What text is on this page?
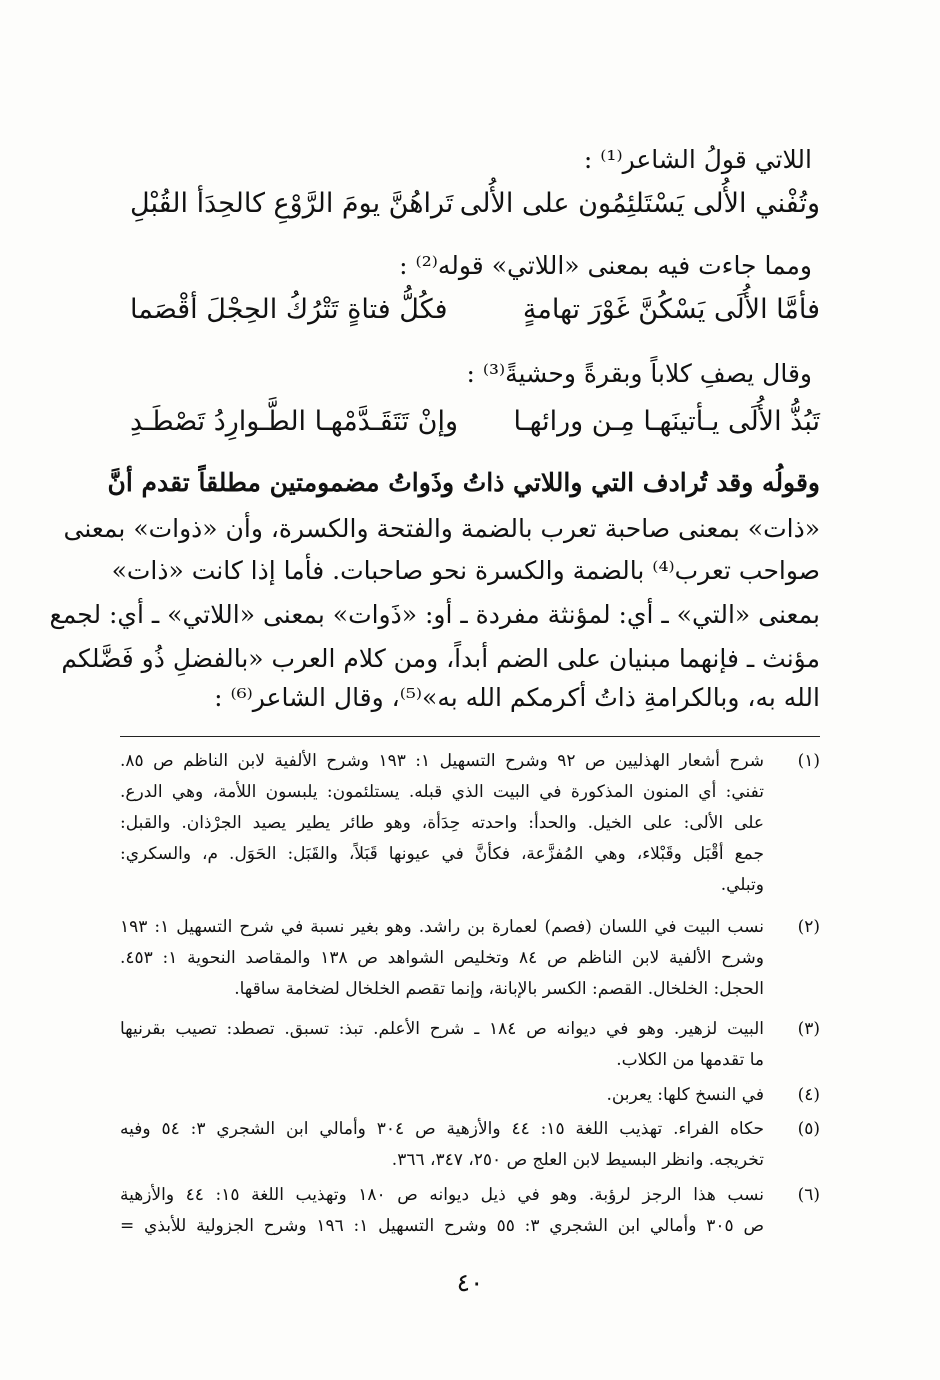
اللاتي قولُ الشاعر⁽¹⁾ :
وتُفْني الأُلى يَسْتَلئِمُون على الأُلى
تَراهُنَّ يومَ الرَّوْعِ كالحِدَأ القُبْلِ
ومما جاءت فيه بمعنى «اللاتي» قوله⁽²⁾ :
فأمَّا الأُلَى يَسْكُنَّ غَوْرَ تهامةٍ
فكُلُّ فتاةٍ تَتْرُكُ الحِجْلَ أقْصَما
وقال يصفِ كلاباً وبقرةً وحشيةً⁽³⁾ :
تَبُذُّ الأُلَى يـأتينَهـا مِـن ورائهـا
وإنْ تَتَقَـدَّمْهـا الطَّـوارِدُ تَصْطَـدِ
وقولُه وقد تُرادف التي واللاتي ذاتُ وذَواتُ مضمومتين مطلقاً تقدم أنَّ
«ذات» بمعنى صاحبة تعرب بالضمة والفتحة والكسرة، وأن «ذوات» بمعنى
صواحب تعرب⁽⁴⁾ بالضمة والكسرة نحو صاحبات. فأما إذا كانت «ذات»
بمعنى «التي» ـ أي: لمؤنثة مفردة ـ أو: «ذَوات» بمعنى «اللاتي» ـ أي: لجمع
مؤنث ـ فإنهما مبنيان على الضم أبداً، ومن كلام العرب «بالفضلِ ذُو فَضَّلكم
الله به، وبالكرامةِ ذاتُ أكرمكم الله به»⁽⁵⁾، وقال الشاعر⁽⁶⁾ :
(١)
شرح أشعار الهذليين ص ٩٢ وشرح التسهيل ١: ١٩٣ وشرح الألفية لابن الناظم ص ٨٥.
تفني: أي المنون المذكورة في البيت الذي قبله. يستلئمون: يلبسون اللأمة، وهي الدرع.
على الألى: على الخيل. والحدأ: واحدته حِدَأة، وهو طائر يطير يصيد الجرْذان. والقبل:
جمع أقْبَل وقَبْلاء، وهي المُفزَّعة، فكأنَّ في عيونها قَبَلاً، والقَبَل: الحَوَل. م، والسكري:
وتبلي.
(٢)
نسب البيت في اللسان (فصم) لعمارة بن راشد. وهو بغير نسبة في شرح التسهيل ١: ١٩٣
وشرح الألفية لابن الناظم ص ٨٤ وتخليص الشواهد ص ١٣٨ والمقاصد النحوية ١: ٤٥٣.
الحجل: الخلخال. القصم: الكسر بالإبانة، وإنما تقصم الخلخال لضخامة ساقها.
(٣)
البيت لزهير. وهو في ديوانه ص ١٨٤ ـ شرح الأعلم. تبذ: تسبق. تصطد: تصيب بقرنيها
ما تقدمها من الكلاب.
(٤)
في النسخ كلها: يعربن.
(٥)
حكاه الفراء. تهذيب اللغة ١٥: ٤٤ والأزهية ص ٣٠٤ وأمالي ابن الشجري ٣: ٥٤ وفيه
تخريجه. وانظر البسيط لابن العلج ص ٢٥٠، ٣٤٧، ٣٦٦.
(٦)
نسب هذا الرجز لرؤبة. وهو في ذيل ديوانه ص ١٨٠ وتهذيب اللغة ١٥: ٤٤ والأزهية
ص ٣٠٥ وأمالي ابن الشجري ٣: ٥٥ وشرح التسهيل ١: ١٩٦ وشرح الجزولية للأبذي =
٤٠
